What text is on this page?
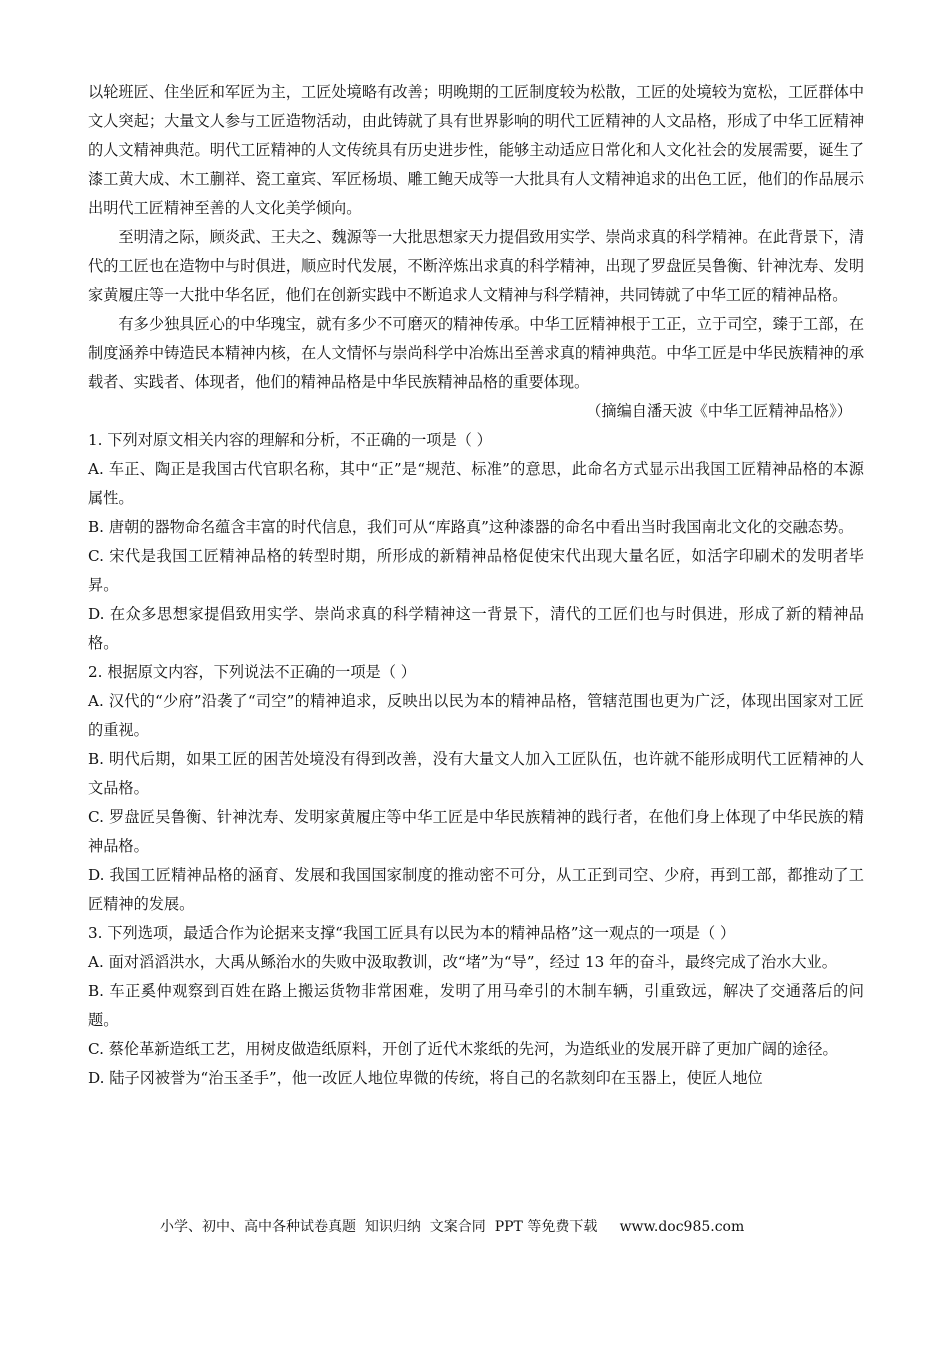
以轮班匠、住坐匠和军匠为主，工匠处境略有改善；明晚期的工匠制度较为松散，工匠的处境较为宽松，工匠群体中文人突起；大量文人参与工匠造物活动，由此铸就了具有世界影响的明代工匠精神的人文品格，形成了中华工匠精神的人文精神典范。明代工匠精神的人文传统具有历史进步性，能够主动适应日常化和人文化社会的发展需要，诞生了漆工黄大成、木工蒯祥、瓷工童宾、军匠杨埙、雕工鲍天成等一大批具有人文精神追求的出色工匠，他们的作品展示出明代工匠精神至善的人文化美学倾向。

至明清之际，顾炎武、王夫之、魏源等一大批思想家天力提倡致用实学、崇尚求真的科学精神。在此背景下，清代的工匠也在造物中与时俱进，顺应时代发展，不断淬炼出求真的科学精神，出现了罗盘匠吴鲁衡、针神沈寿、发明家黄履庄等一大批中华名匠，他们在创新实践中不断追求人文精神与科学精神，共同铸就了中华工匠的精神品格。

有多少独具匠心的中华瑰宝，就有多少不可磨灭的精神传承。中华工匠精神根于工正，立于司空，臻于工部，在制度涵养中铸造民本精神内核，在人文情怀与崇尚科学中冶炼出至善求真的精神典范。中华工匠是中华民族精神的承载者、实践者、体现者，他们的精神品格是中华民族精神品格的重要体现。

（摘编自潘天波《中华工匠精神品格》）

1. 下列对原文相关内容的理解和分析，不正确的一项是（ ）

A. 车正、陶正是我国古代官职名称，其中“正”是“规范、标准”的意思，此命名方式显示出我国工匠精神品格的本源属性。

B. 唐朝的器物命名蕴含丰富的时代信息，我们可从“库路真”这种漆器的命名中看出当时我国南北文化的交融态势。

C. 宋代是我国工匠精神品格的转型时期，所形成的新精神品格促使宋代出现大量名匠，如活字印刷术的发明者毕昇。

D. 在众多思想家提倡致用实学、崇尚求真的科学精神这一背景下，清代的工匠们也与时俱进，形成了新的精神品格。

2. 根据原文内容，下列说法不正确的一项是（ ）

A. 汉代的“少府”沿袭了“司空”的精神追求，反映出以民为本的精神品格，管辖范围也更为广泛，体现出国家对工匠的重视。

B. 明代后期，如果工匠的困苦处境没有得到改善，没有大量文人加入工匠队伍，也许就不能形成明代工匠精神的人文品格。

C. 罗盘匠吴鲁衡、针神沈寿、发明家黄履庄等中华工匠是中华民族精神的践行者，在他们身上体现了中华民族的精神品格。

D. 我国工匠精神品格的涵育、发展和我国国家制度的推动密不可分，从工正到司空、少府，再到工部，都推动了工匠精神的发展。

3. 下列选项，最适合作为论据来支撑“我国工匠具有以民为本的精神品格”这一观点的一项是（ ）

A. 面对滔滔洪水，大禹从鲧治水的失败中汲取教训，改“堵”为“导”，经过 13 年的奋斗，最终完成了治水大业。

B. 车正奚仲观察到百姓在路上搬运货物非常困难，发明了用马牵引的木制车辆，引重致远，解决了交通落后的问题。

C. 蔡伦革新造纸工艺，用树皮做造纸原料，开创了近代木浆纸的先河，为造纸业的发展开辟了更加广阔的途径。

D. 陆子冈被誉为“治玉圣手”，他一改匠人地位卑微的传统，将自己的名款刻印在玉器上，使匠人地位

小学、初中、高中各种试卷真题  知识归纳  文案合同  PPT 等免费下载     www.doc985.com
